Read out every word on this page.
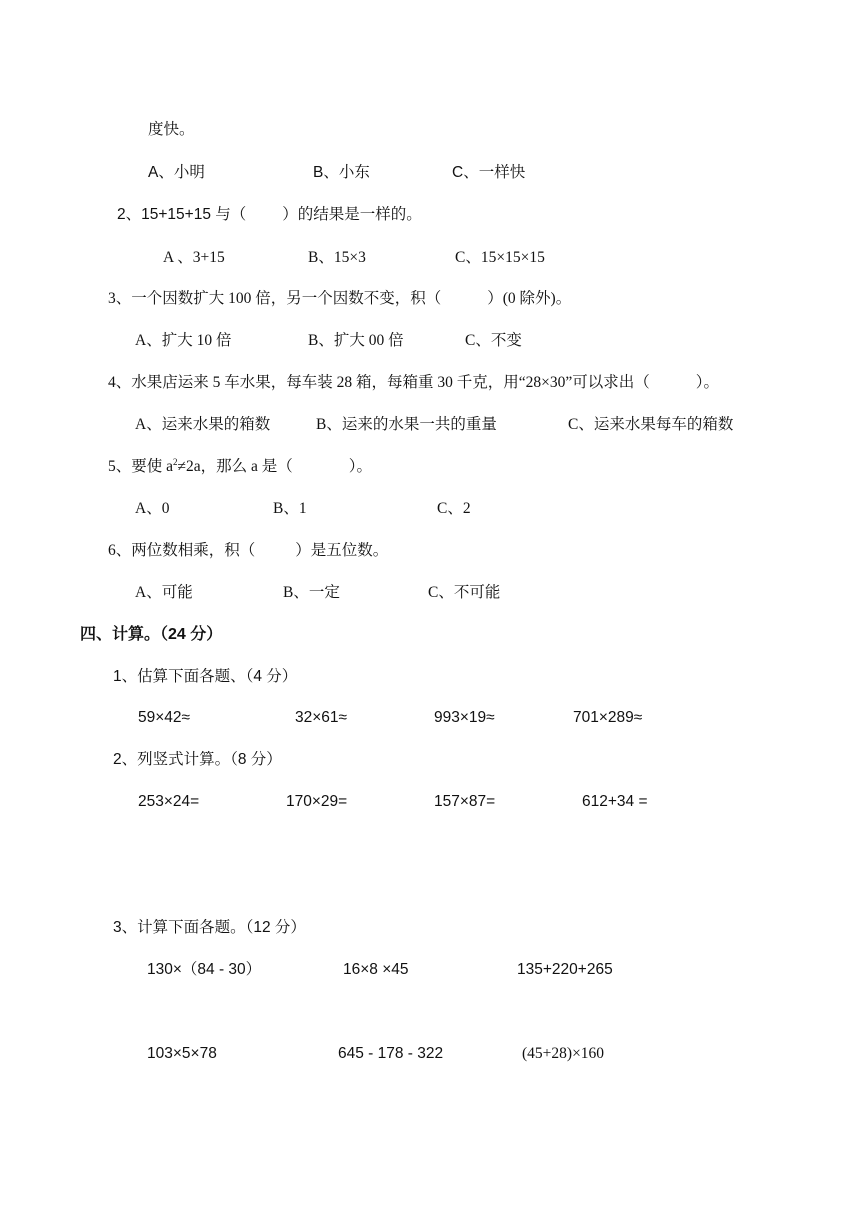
度快。
A、小明	B、小东	C、一样快
2、15+15+15 与（ ）的结果是一样的。
A 、3+15	B、15×3	C、15×15×15
3、一个因数扩大 100 倍，另一个因数不变，积（	）(0 除外)。
A、扩大 10 倍	B、扩大 00 倍	C、不变
4、水果店运来 5 车水果，每车装 28 箱，每箱重 30 千克，用“28×30”可以求出（	）。
A、运来水果的箱数	B、运来的水果一共的重量	C、运来水果每车的箱数
5、要使 $a^2\ne 2a$，那么 a 是（	）。
A、0	B、1	C、2
6、两位数相乘，积（	）是五位数。
A、可能	B、一定	C、不可能
四、计算。（24 分）
1、估算下面各题、（4 分）
59×42≈	32×61≈	993×19≈	701×289≈
2、列竖式计算。（8 分）
253×24=	170×29=	157×87=	612+34 =
3、计算下面各题。（12 分）
130×（84 - 30）	16×8 ×45	135+220+265
103×5×78	645 - 178 - 322	(45+28)×160
